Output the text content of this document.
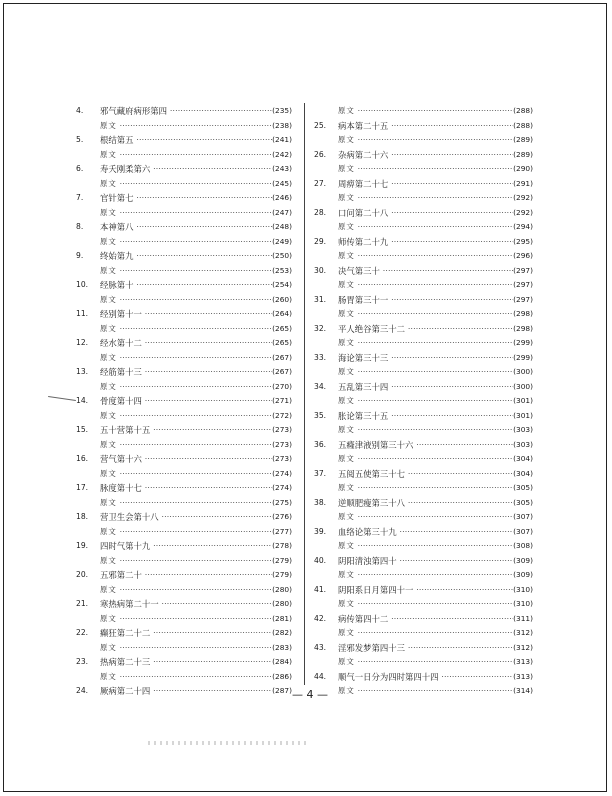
4.	邪气藏府病形第四 ·····	(235)
原文 ·····	(238)
5.	根结第五 ·····	(241)
原文 ·····	(242)
6.	寿夭刚柔第六 ·····	(243)
原文 ·····	(245)
7.	官针第七 ·····	(246)
原文 ·····	(247)
8.	本神第八 ·····	(248)
原文 ·····	(249)
9.	终始第九 ·····	(250)
原文 ·····	(253)
10.	经脉第十 ·····	(254)
原文 ·····	(260)
11.	经别第十一 ·····	(264)
原文 ·····	(265)
12.	经水第十二 ·····	(265)
原文 ·····	(267)
13.	经筋第十三 ·····	(267)
原文 ·····	(270)
14.	骨度第十四 ·····	(271)
原文 ·····	(272)
15.	五十营第十五 ·····	(273)
原文 ·····	(273)
16.	营气第十六 ·····	(273)
原文 ·····	(274)
17.	脉度第十七 ·····	(274)
原文 ·····	(275)
18.	营卫生会第十八 ·····	(276)
原文 ·····	(277)
19.	四时气第十九 ·····	(278)
原文 ·····	(279)
20.	五邪第二十 ·····	(279)
原文 ·····	(280)
21.	寒热病第二十一 ·····	(280)
原文 ·····	(281)
22.	癫狂第二十二 ·····	(282)
原文 ·····	(283)
23.	热病第二十三 ·····	(284)
原文 ·····	(286)
24.	厥病第二十四 ·····	(287)
原文 ·····	(288)
25.	病本第二十五 ·····	(288)
原文 ·····	(289)
26.	杂病第二十六 ·····	(289)
原文 ·····	(290)
27.	周痹第二十七 ·····	(291)
原文 ·····	(292)
28.	口问第二十八 ·····	(292)
原文 ·····	(294)
29.	师传第二十九 ·····	(295)
原文 ·····	(296)
30.	决气第三十 ·····	(297)
原文 ·····	(297)
31.	肠胃第三十一 ·····	(297)
原文 ·····	(298)
32.	平人绝谷第三十二 ·····	(298)
原文 ·····	(299)
33.	海论第三十三 ·····	(299)
原文 ·····	(300)
34.	五乱第三十四 ·····	(300)
原文 ·····	(301)
35.	胀论第三十五 ·····	(301)
原文 ·····	(303)
36.	五癃津液别第三十六 ·····	(303)
原文 ·····	(304)
37.	五阅五使第三十七 ·····	(304)
原文 ·····	(305)
38.	逆顺肥瘦第三十八 ·····	(305)
原文 ·····	(307)
39.	血络论第三十九 ·····	(307)
原文 ·····	(308)
40.	阴阳清浊第四十 ·····	(309)
原文 ·····	(309)
41.	阴阳系日月第四十一 ·····	(310)
原文 ·····	(310)
42.	病传第四十二 ·····	(311)
原文 ·····	(312)
43.	淫邪发梦第四十三 ·····	(312)
原文 ·····	(313)
44.	顺气一日分为四时第四十四 ·····	(313)
原文 ·····	(314)
— 4 —
